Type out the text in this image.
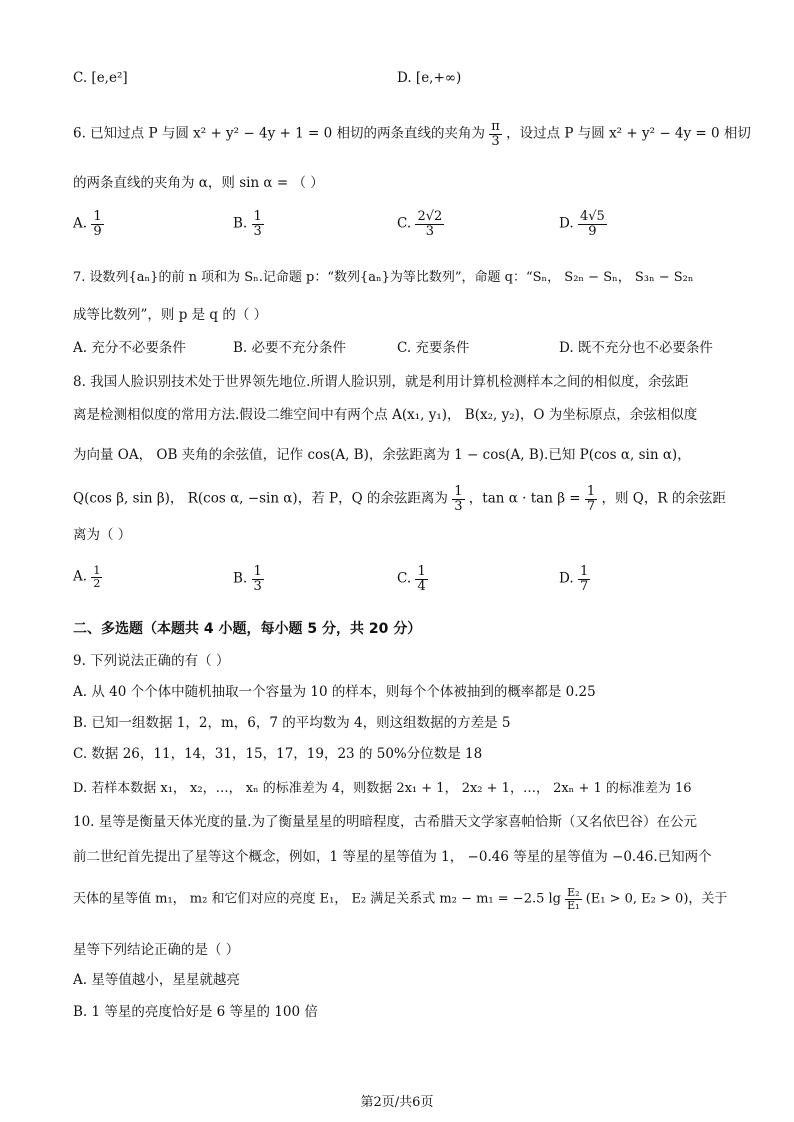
C. [e,e²]	D. [e,+∞)
6. 已知过点 P 与圆 x² + y² − 4y + 1 = 0 相切的两条直线的夹角为 $\frac{\pi}{3}$ ，设过点 P 与圆 x² + y² − 4y = 0 相切
的两条直线的夹角为 α，则 sin α = （ ）
A. $\frac{1}{9}$	B. $\frac{1}{3}$	C. $\frac{2√2}{3}$	D. $\frac{4√5}{9}$
7. 设数列{aₙ}的前 n 项和为 Sₙ.记命题 p：“数列{aₙ}为等比数列”，命题 q：“Sₙ， S₂ₙ − Sₙ， S₃ₙ − S₂ₙ
成等比数列”，则 p 是 q 的（ ）
A. 充分不必要条件	B. 必要不充分条件	C. 充要条件	D. 既不充分也不必要条件
8. 我国人脸识别技术处于世界领先地位.所谓人脸识别，就是利用计算机检测样本之间的相似度，余弦距
离是检测相似度的常用方法.假设二维空间中有两个点 A(x₁, y₁)， B(x₂, y₂)，O 为坐标原点，余弦相似度
为向量 OA， OB 夹角的余弦值，记作 cos(A, B)，余弦距离为 1 − cos(A, B).已知 P(cos α, sin α)，
Q(cos β, sin β)， R(cos α, −sin α)，若 P，Q 的余弦距离为 $\frac{1}{3}$ ，$\tan \alpha \cdot \tan \beta = \frac{1}{7}$ ，则 Q，R 的余弦距
离为（ ）
A. $\frac{1}{2}$	B. $\frac{1}{3}$	C. $\frac{1}{4}$	D. $\frac{1}{7}$
二、多选题（本题共 4 小题，每小题 5 分，共 20 分）
9. 下列说法正确的有（ ）
A. 从 40 个个体中随机抽取一个容量为 10 的样本，则每个个体被抽到的概率都是 0.25
B. 已知一组数据 1，2，m，6，7 的平均数为 4，则这组数据的方差是 5
C. 数据 26，11，14，31，15，17，19，23 的 50%分位数是 18
D. 若样本数据 x₁， x₂，…， xₙ 的标准差为 4，则数据 2x₁ + 1， 2x₂ + 1，…， 2xₙ + 1 的标准差为 16
10. 星等是衡量天体光度的量.为了衡量星星的明暗程度，古希腊天文学家喜帕恰斯（又名依巴谷）在公元
前二世纪首先提出了星等这个概念，例如，1 等星的星等值为 1， −0.46 等星的星等值为 −0.46.已知两个
天体的星等值 m₁， m₂ 和它们对应的亮度 E₁， E₂ 满足关系式 m₂ − m₁ = −2.5 $\lg \frac{\text{E₂}}{\text{E₁}} (E_1 > 0$, E₂ > 0)，关于
星等下列结论正确的是（ ）
A. 星等值越小，星星就越亮
B. 1 等星的亮度恰好是 6 等星的 100 倍
第2页/共6页
